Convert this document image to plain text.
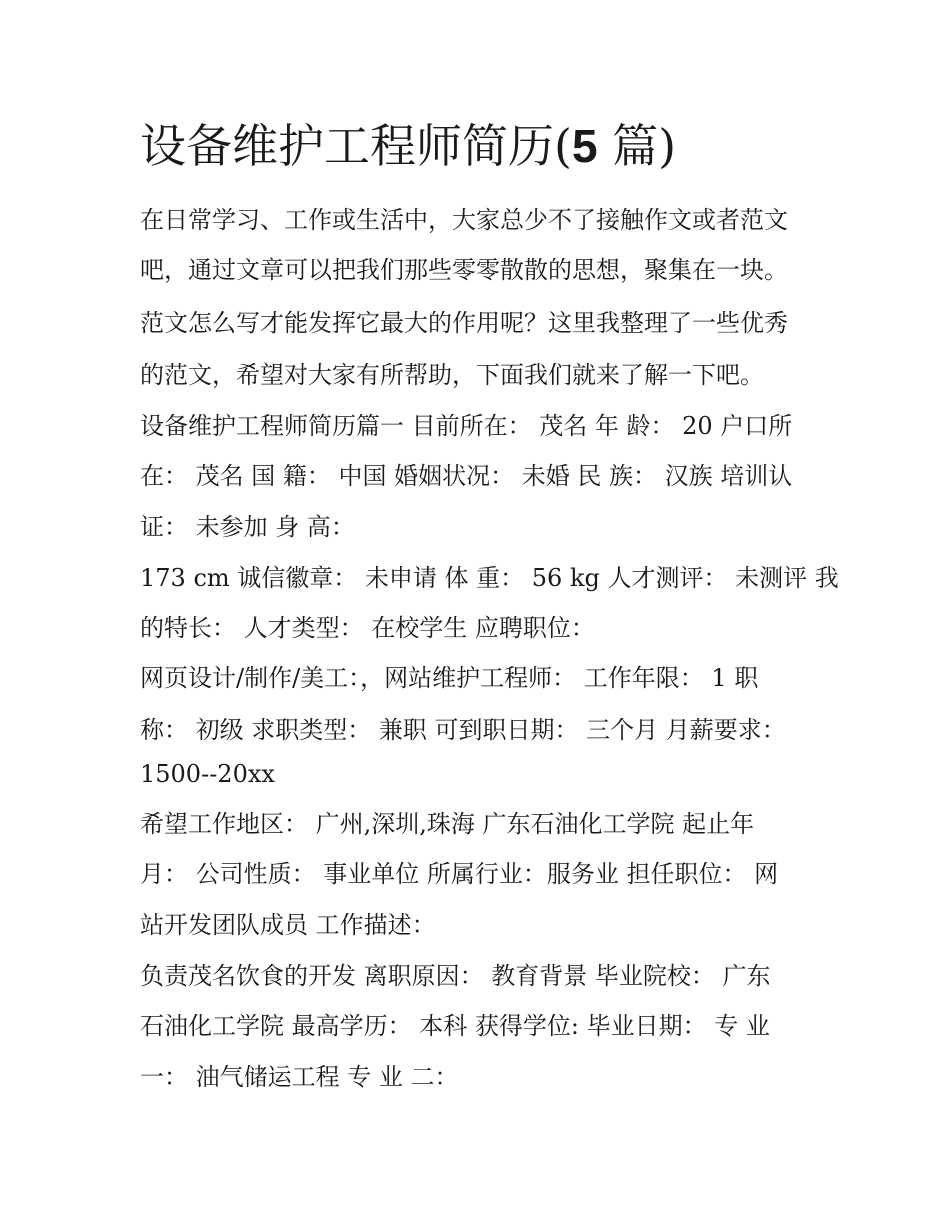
设备维护工程师简历(5 篇)

在日常学习、工作或生活中，大家总少不了接触作文或者范文

吧，通过文章可以把我们那些零零散散的思想，聚集在一块。

范文怎么写才能发挥它最大的作用呢？这里我整理了一些优秀

的范文，希望对大家有所帮助，下面我们就来了解一下吧。

设备维护工程师简历篇一 目前所在： 茂名 年 龄： 20 户口所

在： 茂名 国 籍： 中国 婚姻状况： 未婚 民 族： 汉族 培训认

证： 未参加 身 高：

173 cm 诚信徽章： 未申请 体 重： 56 kg 人才测评： 未测评 我

的特长： 人才类型： 在校学生 应聘职位：

网页设计/制作/美工：，网站维护工程师： 工作年限： 1 职

称： 初级 求职类型： 兼职 可到职日期： 三个月 月薪要求：

1500--20xx

希望工作地区： 广州,深圳,珠海 广东石油化工学院 起止年

月： 公司性质： 事业单位 所属行业：服务业 担任职位： 网

站开发团队成员 工作描述：

负责茂名饮食的开发 离职原因： 教育背景 毕业院校： 广东

石油化工学院 最高学历： 本科 获得学位: 毕业日期： 专 业

一： 油气储运工程 专 业 二：
